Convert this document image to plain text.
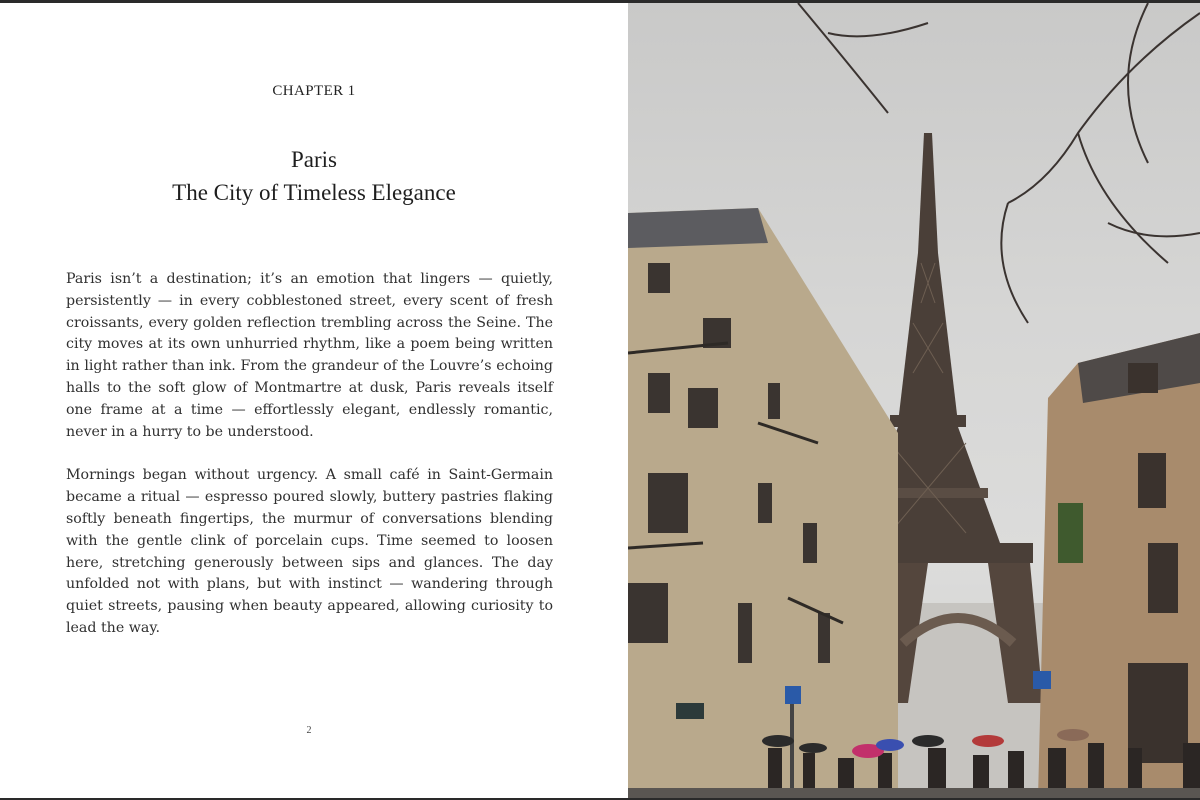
CHAPTER 1
Paris
The City of Timeless Elegance

Paris isn’t a destination; it’s an emotion that lingers — quietly, persistently — in every cobblestoned street, every scent of fresh croissants, every golden reflection trembling across the Seine. The city moves at its own unhurried rhythm, like a poem being written in light rather than ink. From the grandeur of the Louvre’s echoing halls to the soft glow of Montmartre at dusk, Paris reveals itself one frame at a time — effortlessly elegant, endlessly romantic, never in a hurry to be understood.

Mornings began without urgency. A small café in Saint-Germain became a ritual — espresso poured slowly, buttery pastries flaking softly beneath fingertips, the murmur of conversations blending with the gentle clink of porcelain cups. Time seemed to loosen here, stretching generously between sips and glances. The day unfolded not with plans, but with instinct — wandering through quiet streets, pausing when beauty appeared, allowing curiosity to lead the way.

2
